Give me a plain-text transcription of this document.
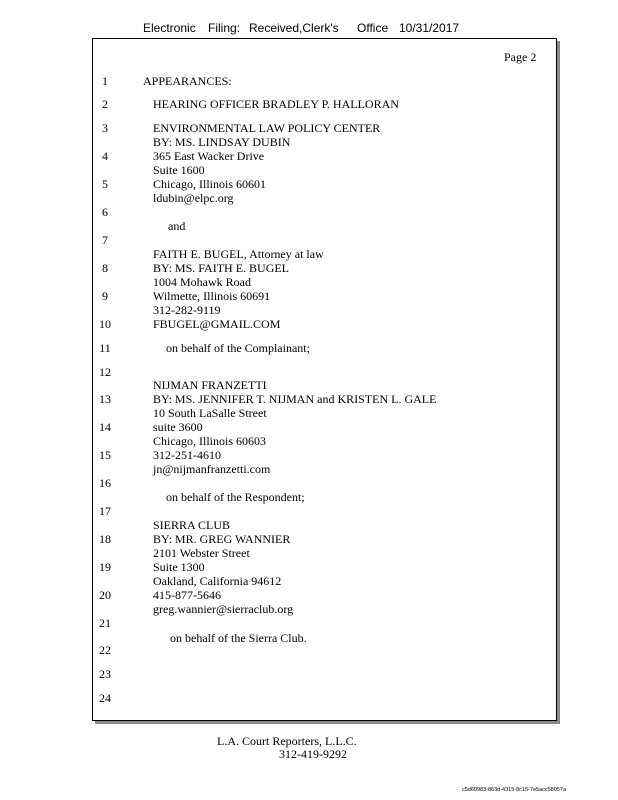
Electronic Filing: Received,Clerk's Office 10/31/2017
Page 2
1
2
3
4
5
6
7
8
9
10
11
12
13
14
15
16
17
18
19
20
21
22
23
24
APPEARANCES:
HEARING OFFICER BRADLEY P. HALLORAN
ENVIRONMENTAL LAW POLICY CENTER
BY: MS. LINDSAY DUBIN
365 East Wacker Drive
Suite 1600
Chicago, Illinois 60601
ldubin@elpc.org
and
FAITH E. BUGEL, Attorney at law
BY: MS. FAITH E. BUGEL
1004 Mohawk Road
Wilmette, Illinois 60691
312-282-9119
FBUGEL@GMAIL.COM
on behalf of the Complainant;
NIJMAN FRANZETTI
BY: MS. JENNIFER T. NIJMAN and KRISTEN L. GALE
10 South LaSalle Street
suite 3600
Chicago, Illinois 60603
312-251-4610
jn@nijmanfranzetti.com
on behalf of the Respondent;
SIERRA CLUB
BY: MR. GREG WANNIER
2101 Webster Street
Suite 1300
Oakland, California 94612
415-877-5646
greg.wannier@sierraclub.org
on behalf of the Sierra Club.
L.A. Court Reporters, L.L.C.
312-419-9292
c5d60983-863d-4315-8c15-7e5acc58057a
